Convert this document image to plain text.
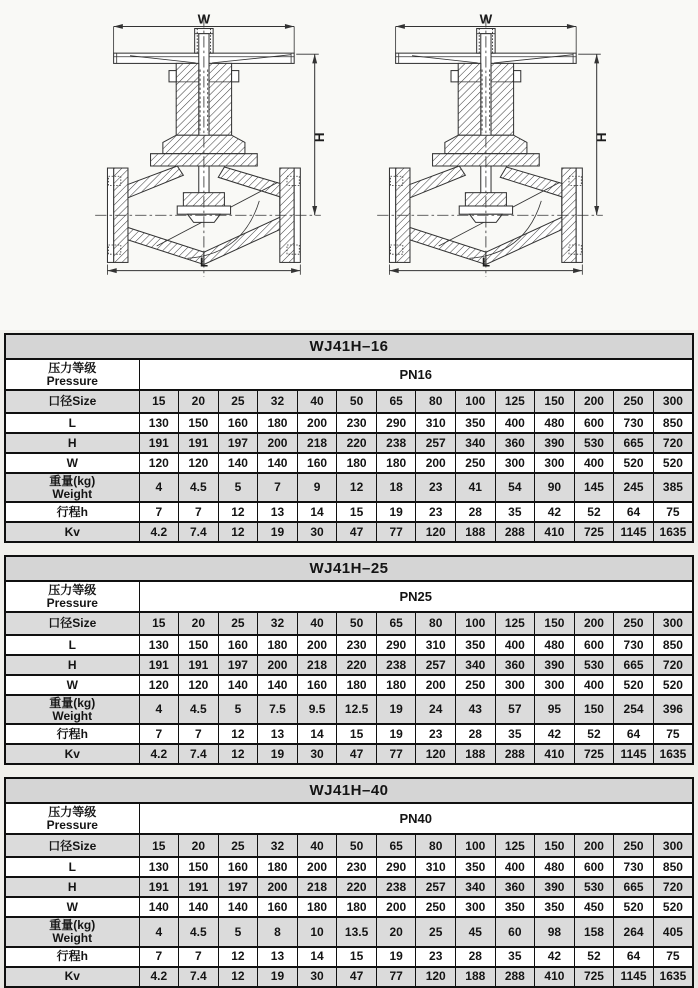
W
H
L
W
H
L
WJ41H–16														
压力等级
Pressure	PN16													
口径Size	15	20	25	32	40	50	65	80	100	125	150	200	250	300
L	130	150	160	180	200	230	290	310	350	400	480	600	730	850
H	191	191	197	200	218	220	238	257	340	360	390	530	665	720
W	120	120	140	140	160	180	180	200	250	300	300	400	520	520
重量(kg)
Weight	4	4.5	5	7	9	12	18	23	41	54	90	145	245	385
行程h	7	7	12	13	14	15	19	23	28	35	42	52	64	75
Kv	4.2	7.4	12	19	30	47	77	120	188	288	410	725	1145	1635
WJ41H–25														
压力等级
Pressure	PN25													
口径Size	15	20	25	32	40	50	65	80	100	125	150	200	250	300
L	130	150	160	180	200	230	290	310	350	400	480	600	730	850
H	191	191	197	200	218	220	238	257	340	360	390	530	665	720
W	120	120	140	140	160	180	180	200	250	300	300	400	520	520
重量(kg)
Weight	4	4.5	5	7.5	9.5	12.5	19	24	43	57	95	150	254	396
行程h	7	7	12	13	14	15	19	23	28	35	42	52	64	75
Kv	4.2	7.4	12	19	30	47	77	120	188	288	410	725	1145	1635
WJ41H–40														
压力等级
Pressure	PN40													
口径Size	15	20	25	32	40	50	65	80	100	125	150	200	250	300
L	130	150	160	180	200	230	290	310	350	400	480	600	730	850
H	191	191	197	200	218	220	238	257	340	360	390	530	665	720
W	140	140	140	160	180	180	200	250	300	350	350	450	520	520
重量(kg)
Weight	4	4.5	5	8	10	13.5	20	25	45	60	98	158	264	405
行程h	7	7	12	13	14	15	19	23	28	35	42	52	64	75
Kv	4.2	7.4	12	19	30	47	77	120	188	288	410	725	1145	1635
